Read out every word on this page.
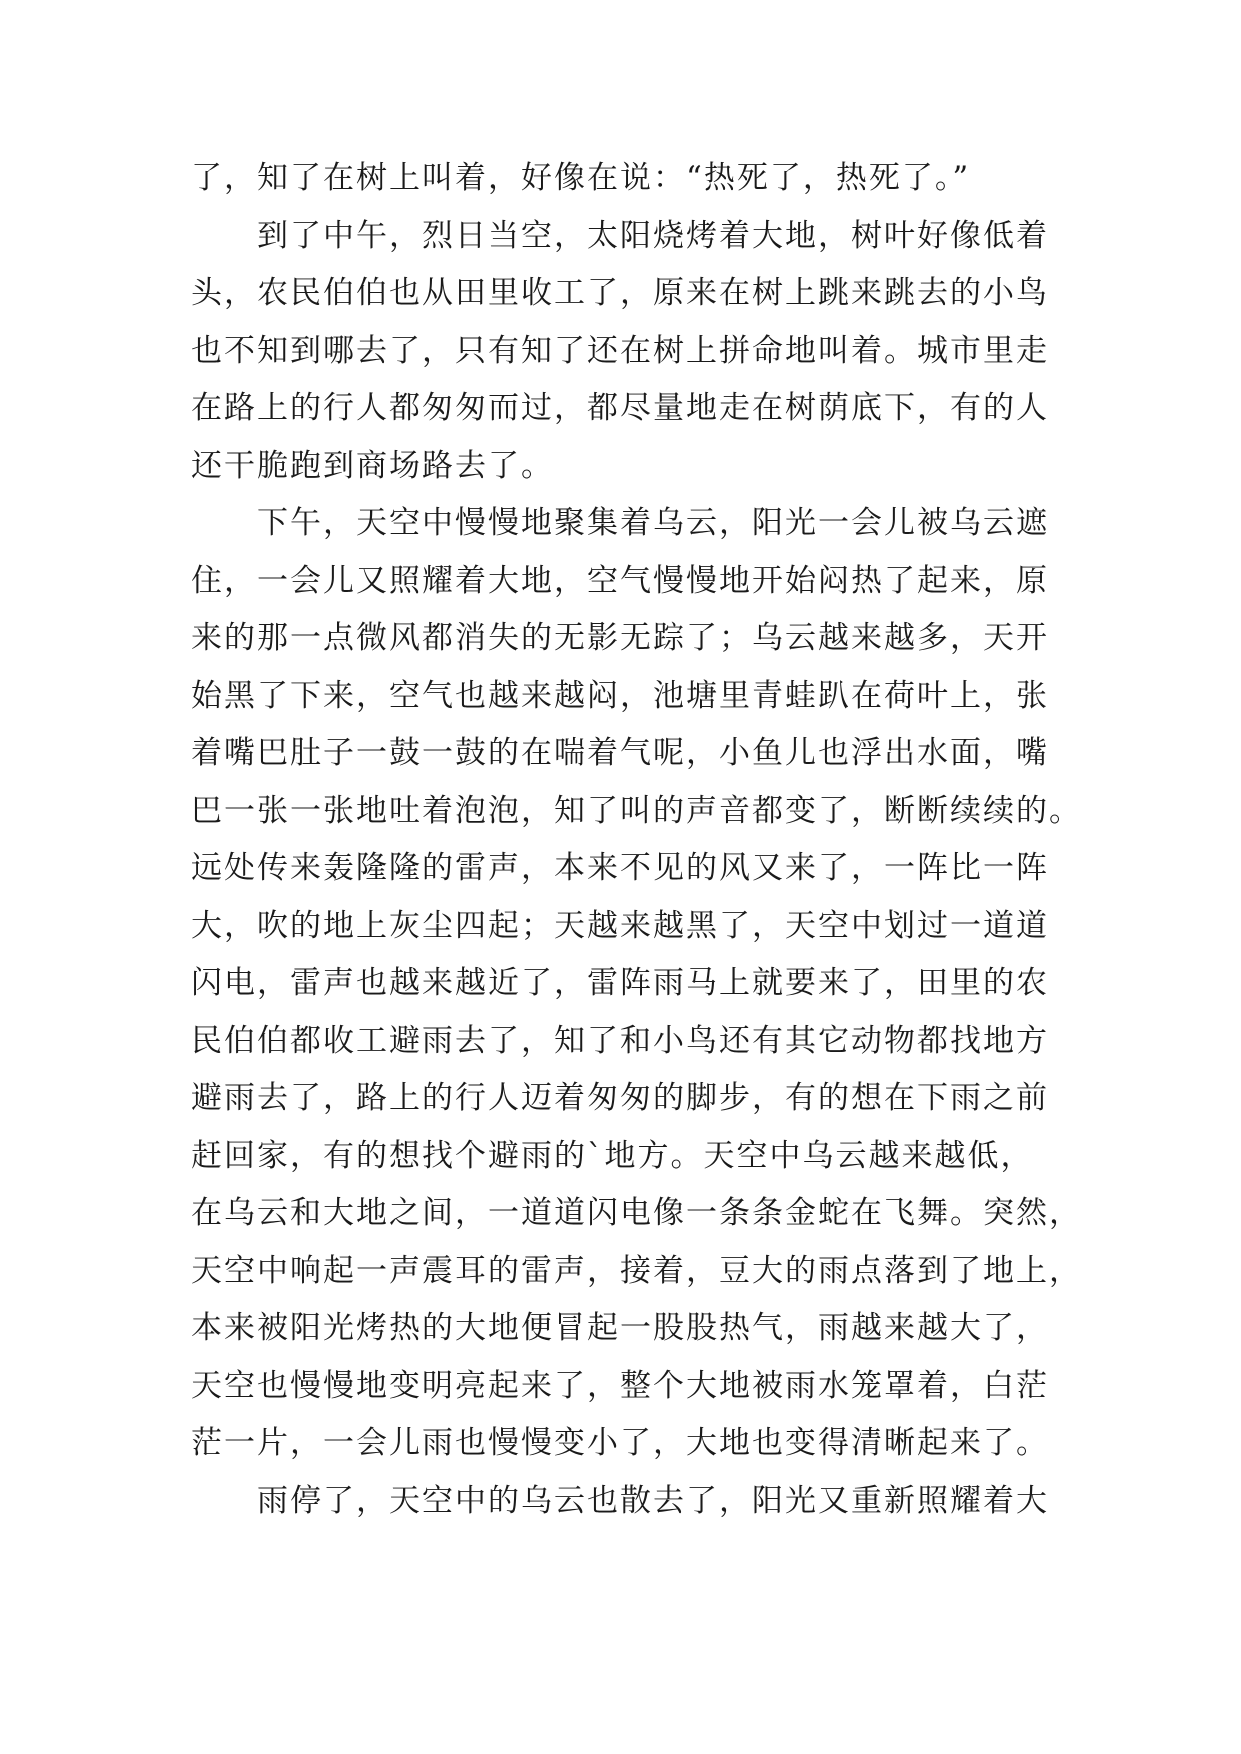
了，知了在树上叫着，好像在说：“热死了，热死了。”
到了中午，烈日当空，太阳烧烤着大地，树叶好像低着
头，农民伯伯也从田里收工了，原来在树上跳来跳去的小鸟
也不知到哪去了，只有知了还在树上拼命地叫着。城市里走
在路上的行人都匆匆而过，都尽量地走在树荫底下，有的人
还干脆跑到商场路去了。
下午，天空中慢慢地聚集着乌云，阳光一会儿被乌云遮
住，一会儿又照耀着大地，空气慢慢地开始闷热了起来，原
来的那一点微风都消失的无影无踪了；乌云越来越多，天开
始黑了下来，空气也越来越闷，池塘里青蛙趴在荷叶上，张
着嘴巴肚子一鼓一鼓的在喘着气呢，小鱼儿也浮出水面，嘴
巴一张一张地吐着泡泡，知了叫的声音都变了，断断续续的。
远处传来轰隆隆的雷声，本来不见的风又来了，一阵比一阵
大，吹的地上灰尘四起；天越来越黑了，天空中划过一道道
闪电，雷声也越来越近了，雷阵雨马上就要来了，田里的农
民伯伯都收工避雨去了，知了和小鸟还有其它动物都找地方
避雨去了，路上的行人迈着匆匆的脚步，有的想在下雨之前
赶回家，有的想找个避雨的`地方。天空中乌云越来越低，
在乌云和大地之间，一道道闪电像一条条金蛇在飞舞。突然，
天空中响起一声震耳的雷声，接着，豆大的雨点落到了地上，
本来被阳光烤热的大地便冒起一股股热气，雨越来越大了，
天空也慢慢地变明亮起来了，整个大地被雨水笼罩着，白茫
茫一片，一会儿雨也慢慢变小了，大地也变得清晰起来了。
雨停了，天空中的乌云也散去了，阳光又重新照耀着大
